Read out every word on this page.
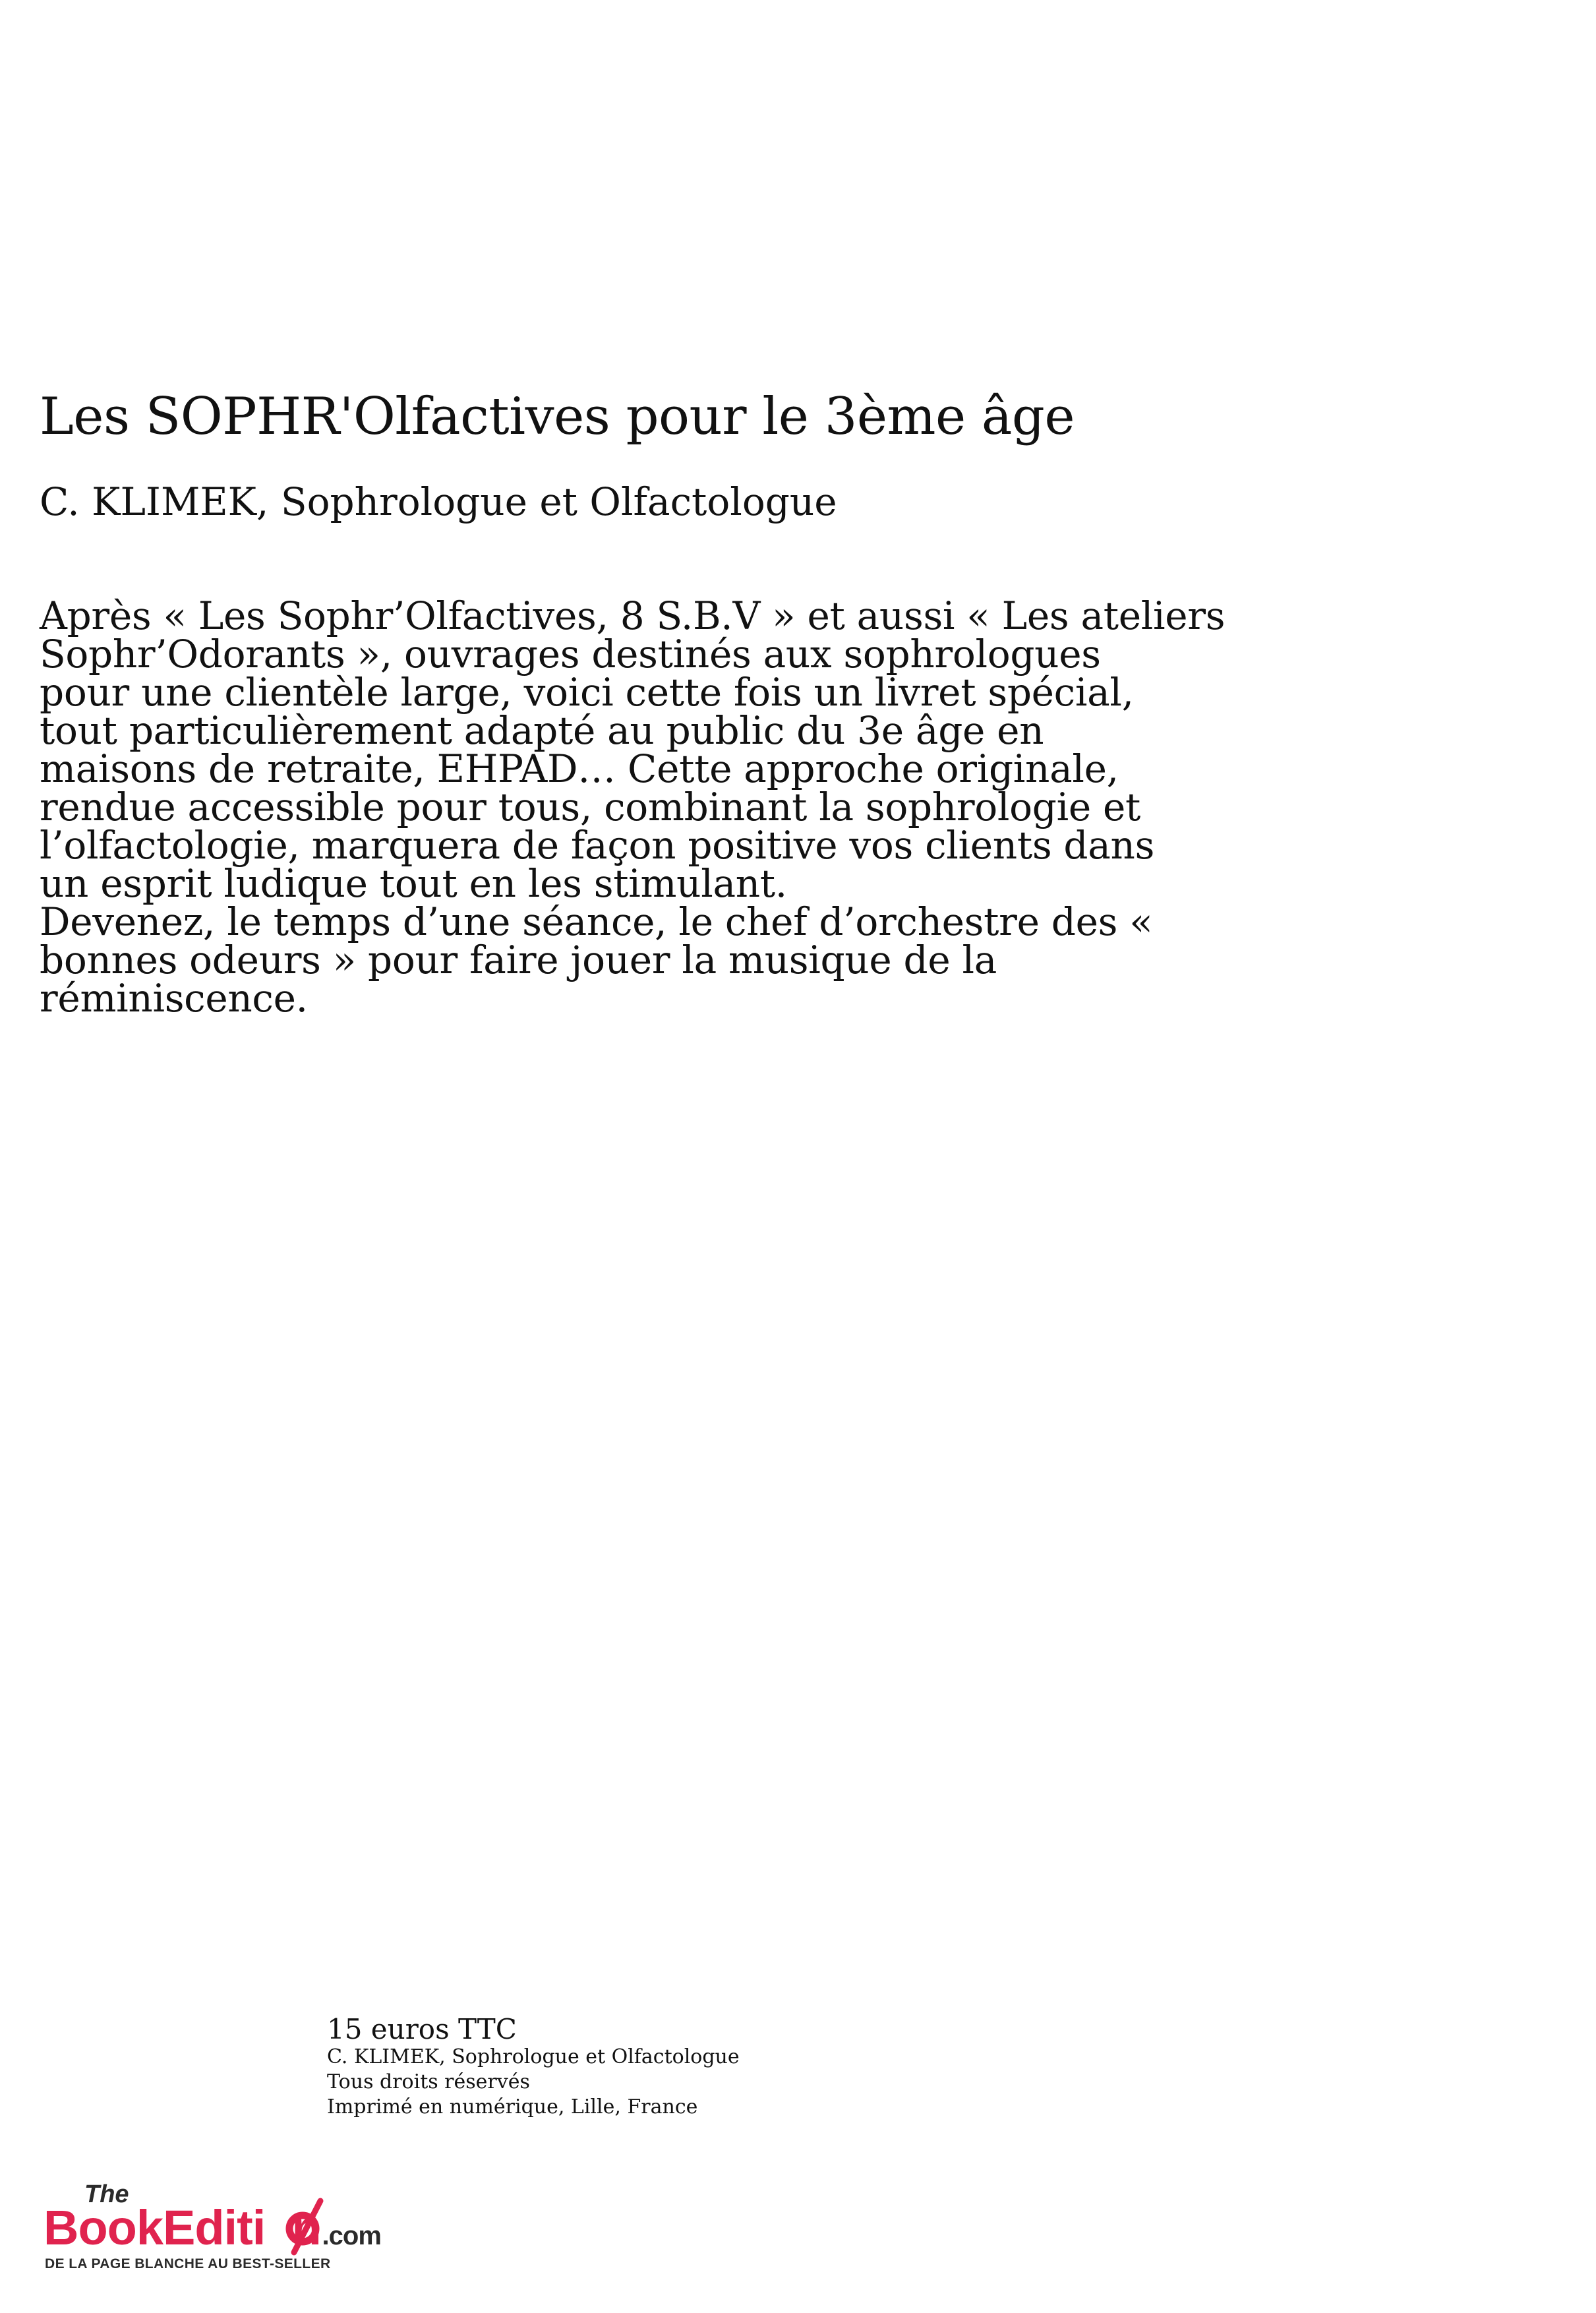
Les SOPHR'Olfactives pour le 3ème âge
C. KLIMEK, Sophrologue et Olfactologue

Après « Les Sophr’Olfactives, 8 S.B.V » et aussi « Les ateliers
Sophr’Odorants », ouvrages destinés aux sophrologues
pour une clientèle large, voici cette fois un livret spécial,
tout particulièrement adapté au public du 3e âge en
maisons de retraite, EHPAD… Cette approche originale,
rendue accessible pour tous, combinant la sophrologie et
l’olfactologie, marquera de façon positive vos clients dans
un esprit ludique tout en les stimulant.
Devenez, le temps d’une séance, le chef d’orchestre des «
bonnes odeurs » pour faire jouer la musique de la
réminiscence.

15 euros TTC
C. KLIMEK, Sophrologue et Olfactologue
Tous droits réservés
Imprimé en numérique, Lille, France
The
BookEditi n.com
DE LA PAGE BLANCHE AU BEST-SELLER
